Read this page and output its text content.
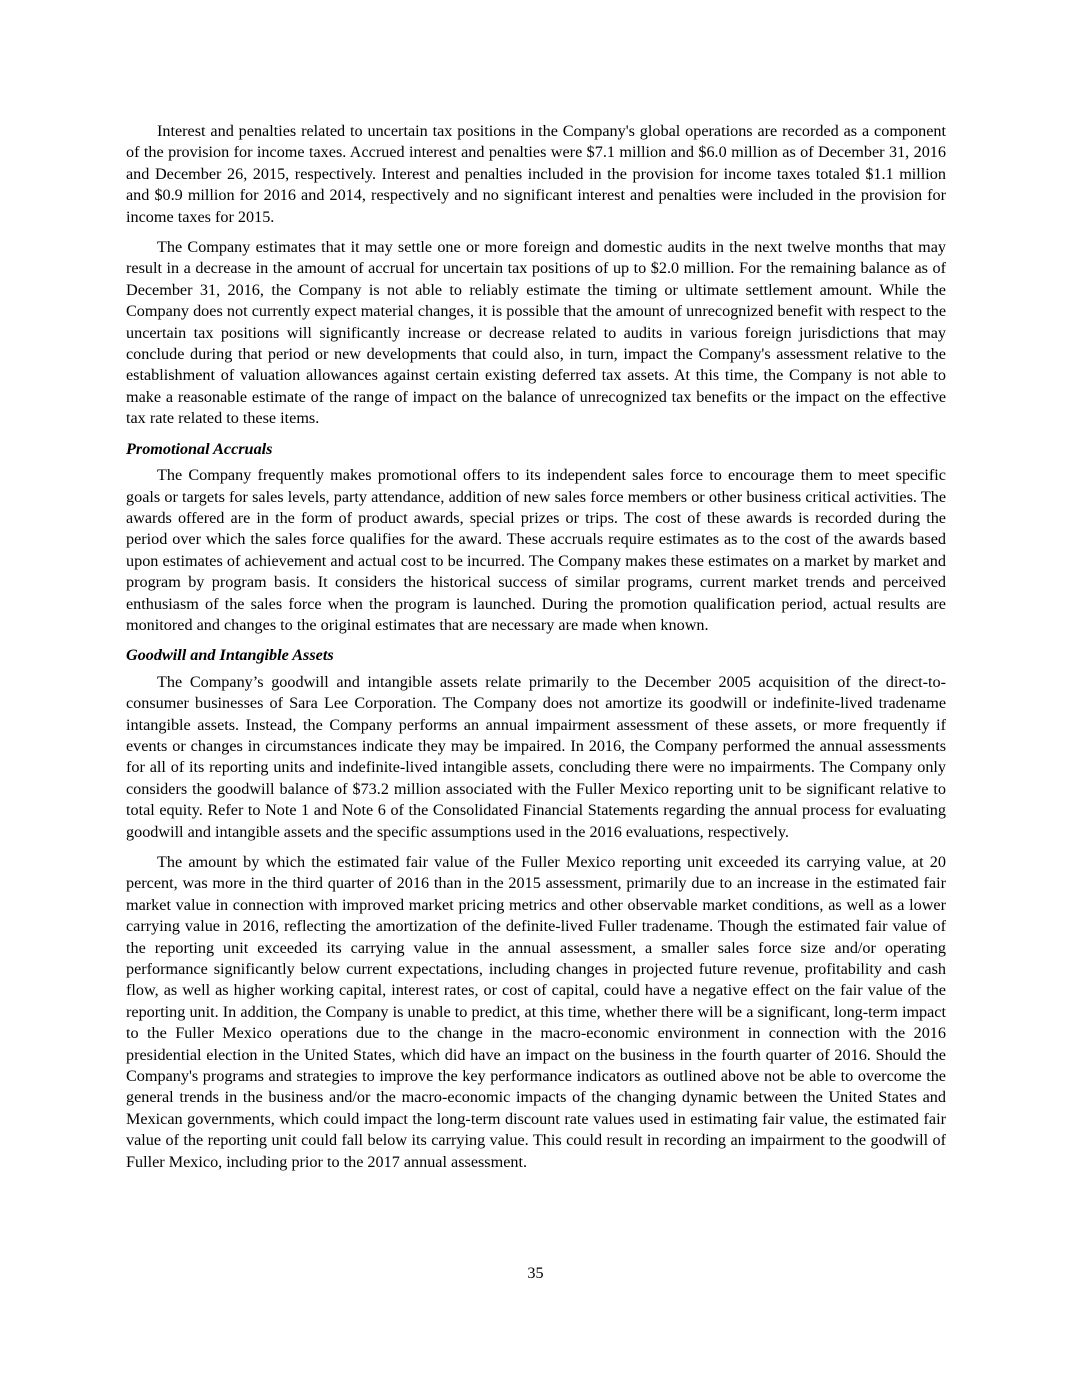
Interest and penalties related to uncertain tax positions in the Company's global operations are recorded as a component of the provision for income taxes. Accrued interest and penalties were $7.1 million and $6.0 million as of December 31, 2016 and December 26, 2015, respectively. Interest and penalties included in the provision for income taxes totaled $1.1 million and $0.9 million for 2016 and 2014, respectively and no significant interest and penalties were included in the provision for income taxes for 2015.

The Company estimates that it may settle one or more foreign and domestic audits in the next twelve months that may result in a decrease in the amount of accrual for uncertain tax positions of up to $2.0 million. For the remaining balance as of December 31, 2016, the Company is not able to reliably estimate the timing or ultimate settlement amount. While the Company does not currently expect material changes, it is possible that the amount of unrecognized benefit with respect to the uncertain tax positions will significantly increase or decrease related to audits in various foreign jurisdictions that may conclude during that period or new developments that could also, in turn, impact the Company's assessment relative to the establishment of valuation allowances against certain existing deferred tax assets. At this time, the Company is not able to make a reasonable estimate of the range of impact on the balance of unrecognized tax benefits or the impact on the effective tax rate related to these items.

Promotional Accruals

The Company frequently makes promotional offers to its independent sales force to encourage them to meet specific goals or targets for sales levels, party attendance, addition of new sales force members or other business critical activities. The awards offered are in the form of product awards, special prizes or trips. The cost of these awards is recorded during the period over which the sales force qualifies for the award. These accruals require estimates as to the cost of the awards based upon estimates of achievement and actual cost to be incurred. The Company makes these estimates on a market by market and program by program basis. It considers the historical success of similar programs, current market trends and perceived enthusiasm of the sales force when the program is launched. During the promotion qualification period, actual results are monitored and changes to the original estimates that are necessary are made when known.

Goodwill and Intangible Assets

The Company’s goodwill and intangible assets relate primarily to the December 2005 acquisition of the direct-to-consumer businesses of Sara Lee Corporation. The Company does not amortize its goodwill or indefinite-lived tradename intangible assets. Instead, the Company performs an annual impairment assessment of these assets, or more frequently if events or changes in circumstances indicate they may be impaired. In 2016, the Company performed the annual assessments for all of its reporting units and indefinite-lived intangible assets, concluding there were no impairments. The Company only considers the goodwill balance of $73.2 million associated with the Fuller Mexico reporting unit to be significant relative to total equity. Refer to Note 1 and Note 6 of the Consolidated Financial Statements regarding the annual process for evaluating goodwill and intangible assets and the specific assumptions used in the 2016 evaluations, respectively.

The amount by which the estimated fair value of the Fuller Mexico reporting unit exceeded its carrying value, at 20 percent, was more in the third quarter of 2016 than in the 2015 assessment, primarily due to an increase in the estimated fair market value in connection with improved market pricing metrics and other observable market conditions, as well as a lower carrying value in 2016, reflecting the amortization of the definite-lived Fuller tradename. Though the estimated fair value of the reporting unit exceeded its carrying value in the annual assessment, a smaller sales force size and/or operating performance significantly below current expectations, including changes in projected future revenue, profitability and cash flow, as well as higher working capital, interest rates, or cost of capital, could have a negative effect on the fair value of the reporting unit. In addition, the Company is unable to predict, at this time, whether there will be a significant, long-term impact to the Fuller Mexico operations due to the change in the macro-economic environment in connection with the 2016 presidential election in the United States, which did have an impact on the business in the fourth quarter of 2016. Should the Company's programs and strategies to improve the key performance indicators as outlined above not be able to overcome the general trends in the business and/or the macro-economic impacts of the changing dynamic between the United States and Mexican governments, which could impact the long-term discount rate values used in estimating fair value, the estimated fair value of the reporting unit could fall below its carrying value. This could result in recording an impairment to the goodwill of Fuller Mexico, including prior to the 2017 annual assessment.

35
